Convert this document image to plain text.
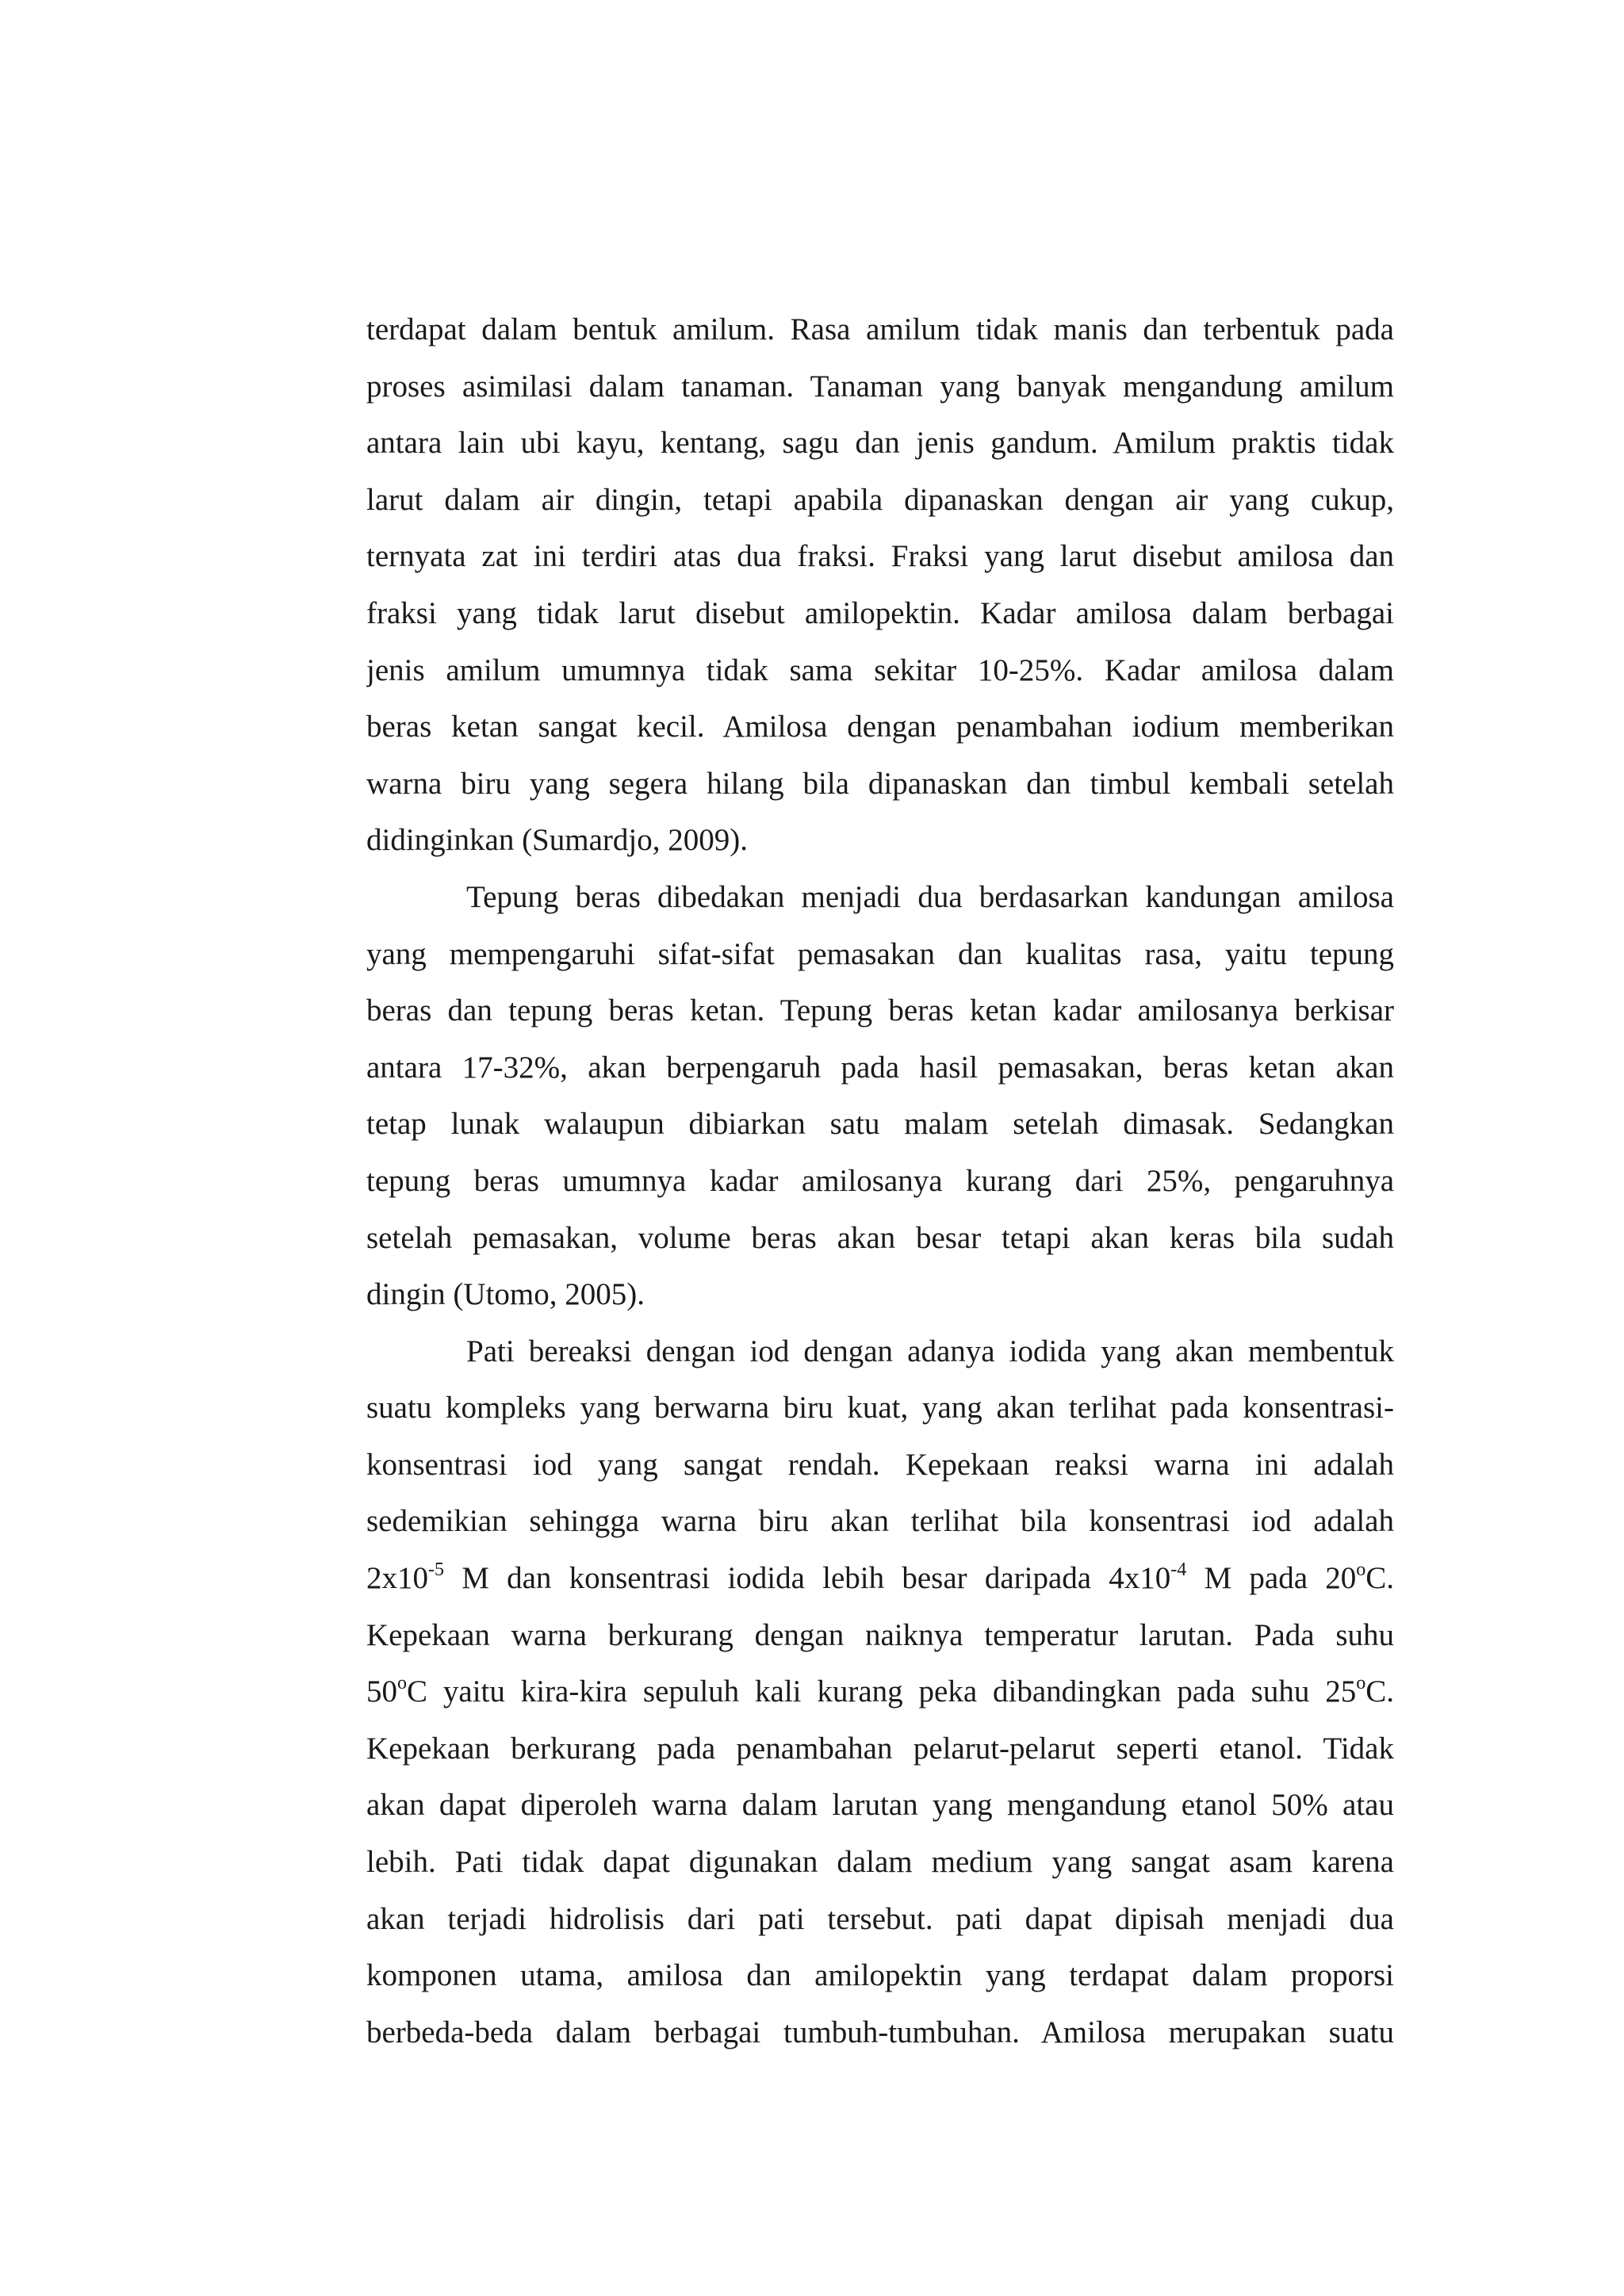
terdapat dalam bentuk amilum. Rasa amilum tidak manis dan terbentuk pada
proses asimilasi dalam tanaman. Tanaman yang banyak mengandung amilum
antara lain ubi kayu, kentang, sagu dan jenis gandum. Amilum praktis tidak
larut dalam air dingin, tetapi apabila dipanaskan dengan air yang cukup,
ternyata zat ini terdiri atas dua fraksi. Fraksi yang larut disebut amilosa dan
fraksi yang tidak larut disebut amilopektin. Kadar amilosa dalam berbagai
jenis amilum umumnya tidak sama sekitar 10-25%. Kadar amilosa dalam
beras ketan sangat kecil. Amilosa dengan penambahan iodium memberikan
warna biru yang segera hilang bila dipanaskan dan timbul kembali setelah
didinginkan (Sumardjo, 2009).
Tepung beras dibedakan menjadi dua berdasarkan kandungan amilosa
yang mempengaruhi sifat-sifat pemasakan dan kualitas rasa, yaitu tepung
beras dan tepung beras ketan. Tepung beras ketan kadar amilosanya berkisar
antara 17-32%, akan berpengaruh pada hasil pemasakan, beras ketan akan
tetap lunak walaupun dibiarkan satu malam setelah dimasak. Sedangkan
tepung beras umumnya kadar amilosanya kurang dari 25%, pengaruhnya
setelah pemasakan, volume beras akan besar tetapi akan keras bila sudah
dingin (Utomo, 2005).
Pati bereaksi dengan iod dengan adanya iodida yang akan membentuk
suatu kompleks yang berwarna biru kuat, yang akan terlihat pada konsentrasi-
konsentrasi iod yang sangat rendah. Kepekaan reaksi warna ini adalah
sedemikian sehingga warna biru akan terlihat bila konsentrasi iod adalah
$2x10^{-5}$ M dan konsentrasi iodida lebih besar daripada $4x10^{-4}$ M pada 20$^o$C.
Kepekaan warna berkurang dengan naiknya temperatur larutan. Pada suhu
50$^o$C yaitu kira-kira sepuluh kali kurang peka dibandingkan pada suhu 25$^o$C.
Kepekaan berkurang pada penambahan pelarut-pelarut seperti etanol. Tidak
akan dapat diperoleh warna dalam larutan yang mengandung etanol 50% atau
lebih. Pati tidak dapat digunakan dalam medium yang sangat asam karena
akan terjadi hidrolisis dari pati tersebut. pati dapat dipisah menjadi dua
komponen utama, amilosa dan amilopektin yang terdapat dalam proporsi
berbeda-beda dalam berbagai tumbuh-tumbuhan. Amilosa merupakan suatu
